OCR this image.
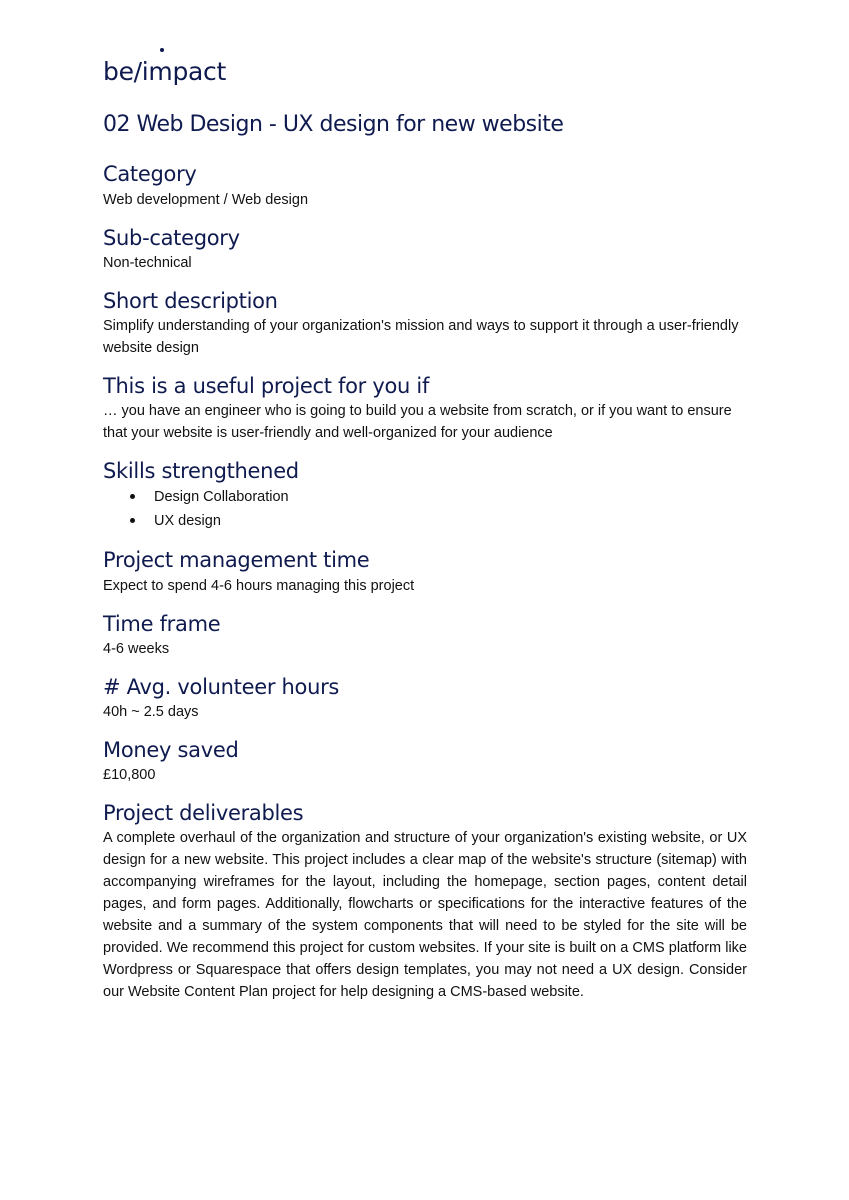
be/impact
02 Web Design - UX design for new website
Category

Web development / Web design

Sub-category

Non-technical

Short description

Simplify understanding of your organization's mission and ways to support it through a user-friendly website design

This is a useful project for you if

… you have an engineer who is going to build you a website from scratch, or if you want to ensure that your website is user-friendly and well-organized for your audience

Skills strengthened
Design Collaboration
UX design
Project management time

Expect to spend 4-6 hours managing this project

Time frame

4-6 weeks

# Avg. volunteer hours

40h ~ 2.5 days

Money saved

£10,800

Project deliverables

A complete overhaul of the organization and structure of your organization's existing website, or UX design for a new website. This project includes a clear map of the website's structure (sitemap) with accompanying wireframes for the layout, including the homepage, section pages, content detail pages, and form pages. Additionally, flowcharts or specifications for the interactive features of the website and a summary of the system components that will need to be styled for the site will be provided. We recommend this project for custom websites. If your site is built on a CMS platform like Wordpress or Squarespace that offers design templates, you may not need a UX design. Consider our Website Content Plan project for help designing a CMS-based website.
